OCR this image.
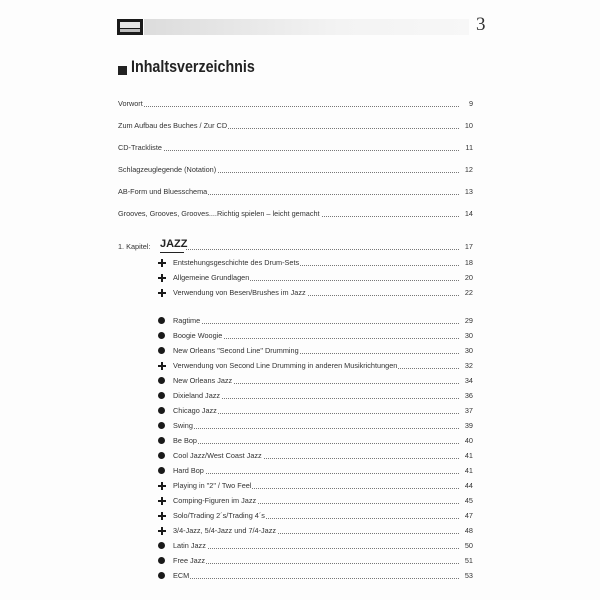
3
Inhaltsverzeichnis
Vorwort	9
Zum Aufbau des Buches / Zur CD	10
CD-Trackliste	11
Schlagzeuglegende (Notation)	12
AB-Form und Bluesschema	13
Grooves, Grooves, Grooves....Richtig spielen – leicht gemacht	14
1. Kapitel: JAZZ	17
Entstehungsgeschichte des Drum-Sets	18
Allgemeine Grundlagen	20
Verwendung von Besen/Brushes im Jazz	22
Ragtime	29
Boogie Woogie	30
New Orleans "Second Line" Drumming	30
Verwendung von Second Line Drumming in anderen Musikrichtungen	32
New Orleans Jazz	34
Dixieland Jazz	36
Chicago Jazz	37
Swing	39
Be Bop	40
Cool Jazz/West Coast Jazz	41
Hard Bop	41
Playing in "2" / Two Feel	44
Comping-Figuren im Jazz	45
Solo/Trading 2´s/Trading 4´s	47
3/4-Jazz, 5/4-Jazz und 7/4-Jazz	48
Latin Jazz	50
Free Jazz	51
ECM	53
